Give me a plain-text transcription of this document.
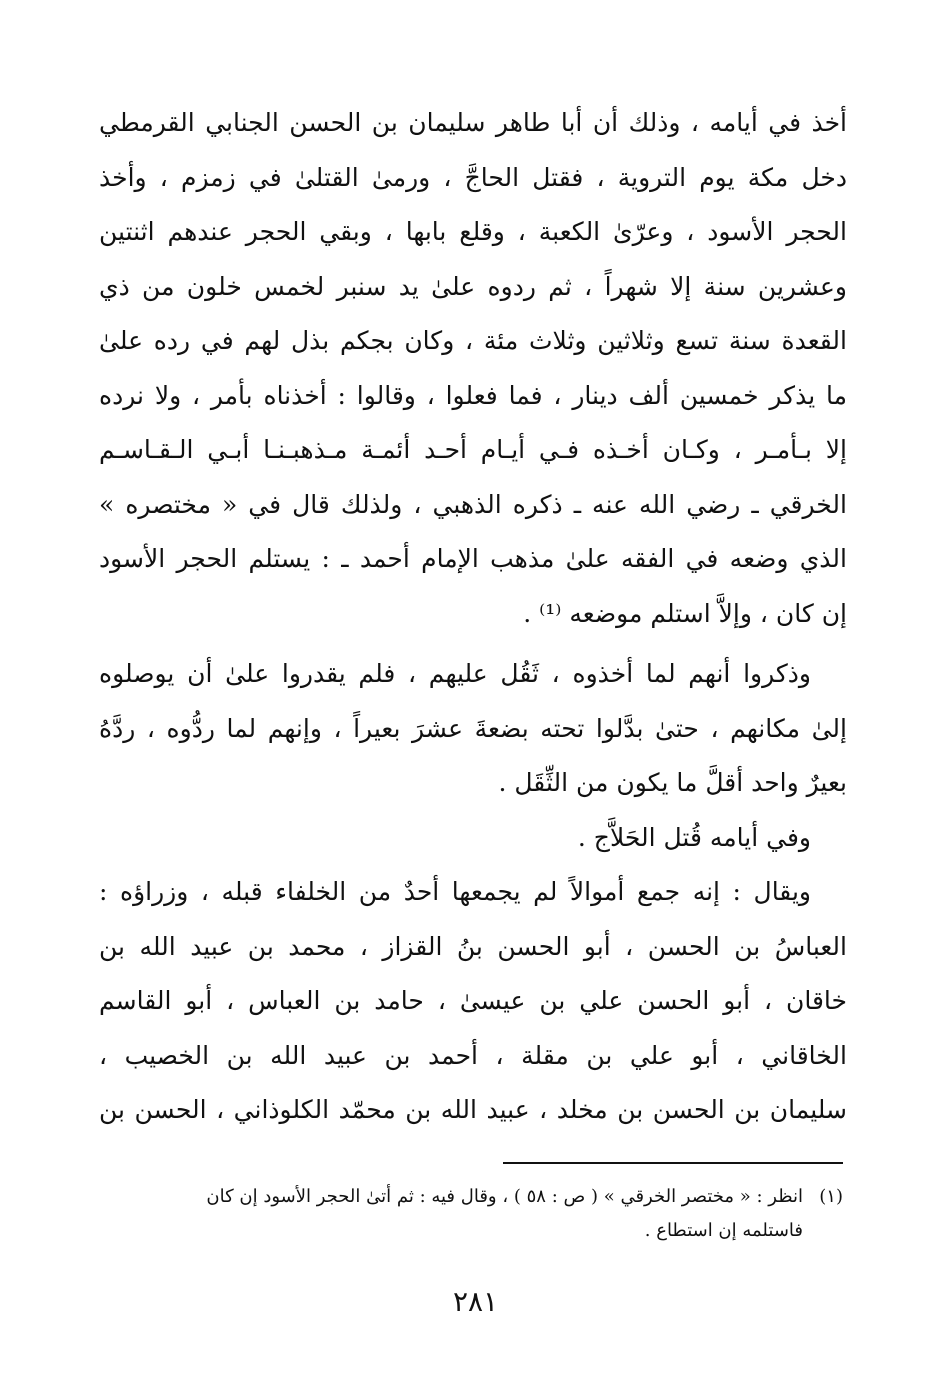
أخذ في أيامه ، وذلك أن أبا طاهر سليمان بن الحسن الجنابي القرمطي
دخل مكة يوم التروية ، فقتل الحاجَّ ، ورمىٰ القتلىٰ في زمزم ، وأخذ
الحجر الأسود ، وعرّىٰ الكعبة ، وقلع بابها ، وبقي الحجر عندهم اثنتين
وعشرين سنة إلا شهراً ، ثم ردوه علىٰ يد سنبر لخمس خلون من ذي
القعدة سنة تسع وثلاثين وثلاث مئة ، وكان بجكم بذل لهم في رده علىٰ
ما يذكر خمسين ألف دينار ، فما فعلوا ، وقالوا : أخذناه بأمر ، ولا نرده
إلا بـأمـر ، وكـان أخـذه فـي أيـام أحـد أئمـة مـذهبـنـا أبـي الـقـاسـم
الخرقي ـ رضي الله عنه ـ ذكره الذهبي ، ولذلك قال في « مختصره »
الذي وضعه في الفقه علىٰ مذهب الإمام أحمد ـ : يستلم الحجر الأسود
إن كان ، وإلاَّ استلم موضعه ⁽¹⁾ .
وذكروا أنهم لما أخذوه ، ثَقُل عليهم ، فلم يقدروا علىٰ أن يوصلوه
إلىٰ مكانهم ، حتىٰ بدَّلوا تحته بضعةَ عشرَ بعيراً ، وإنهم لما ردُّوه ، ردَّهُ
بعيرٌ واحد أقلَّ ما يكون من الثِّقَل .
وفي أيامه قُتل الحَلاَّج .
ويقال : إنه جمع أموالاً لم يجمعها أحدٌ من الخلفاء قبله ، وزراؤه :
العباسُ بن الحسن ، أبو الحسن بنُ القزاز ، محمد بن عبيد الله بن
خاقان ، أبو الحسن علي بن عيسىٰ ، حامد بن العباس ، أبو القاسم
الخاقاني ، أبو علي بن مقلة ، أحمد بن عبيد الله بن الخصيب ،
سليمان بن الحسن بن مخلد ، عبيد الله بن محمّد الكلوذاني ، الحسن بن
(١)انظر : « مختصر الخرقي » ( ص : ٥٨ ) ، وقال فيه : ثم أتىٰ الحجر الأسود إن كان
فاستلمه إن استطاع .
٢٨١
